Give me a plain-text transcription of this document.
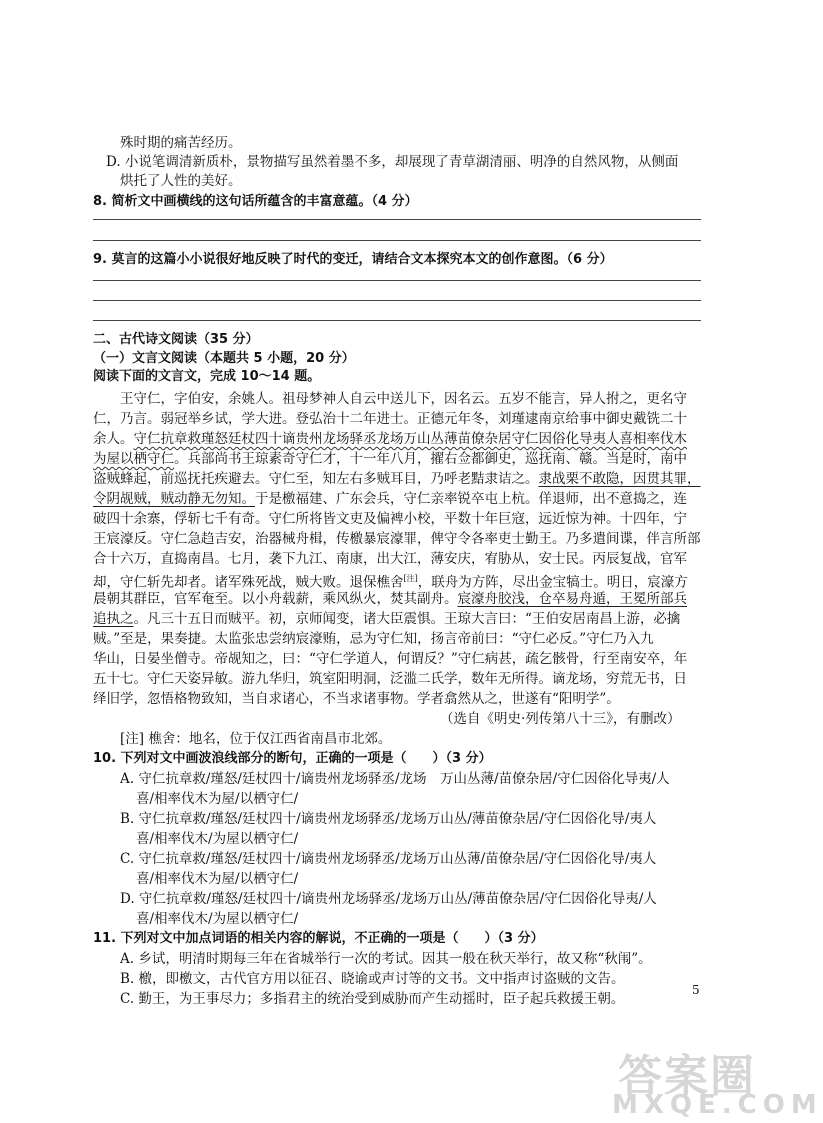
殊时期的痛苦经历。
D. 小说笔调清新质朴，景物描写虽然着墨不多，却展现了青草湖清丽、明净的自然风物，从侧面
烘托了人性的美好。
8. 简析文中画横线的这句话所蕴含的丰富意蕴。（4 分）
9. 莫言的这篇小小说很好地反映了时代的变迁，请结合文本探究本文的创作意图。（6 分）
二、古代诗文阅读（35 分）
（一）文言文阅读（本题共 5 小题，20 分）
阅读下面的文言文，完成 10～14 题。
王守仁，字伯安，余姚人。祖母梦神人自云中送儿下，因名云。五岁不能言，异人拊之，更名守
仁，乃言。弱冠举乡试，学大进。登弘治十二年进士。正德元年冬，刘瑾逮南京给事中御史戴铣二十
余人。守仁抗章救瑾怒廷杖四十谪贵州龙场驿丞龙场万山丛薄苗僚杂居守仁因俗化导夷人喜相率伐木
为屋以栖守仁。兵部尚书王琼素奇守仁才，十一年八月，擢右佥都御史，巡抚南、赣。当是时，南中
盗贼蜂起，前巡抚托疾避去。守仁至，知左右多贼耳目，乃呼老黠隶诘之。隶战栗不敢隐，因贯其罪，
令阴觇贼，贼动静无勿知。于是檄福建、广东会兵，守仁亲率锐卒屯上杭。佯退师，出不意捣之，连
破四十余寨，俘斩七千有奇。守仁所将皆文吏及偏裨小校，平数十年巨寇，远近惊为神。十四年，宁
王宸濠反。守仁急趋吉安，治器械舟楫，传檄暴宸濠罪，俾守令各率吏士勤王。乃多遣间谍，伴言所部
合十六万，直捣南昌。七月，袭下九江、南康，出大江，薄安庆，宥胁从，安士民。丙辰复战，官军
却，守仁斩先却者。诸军殊死战，贼大败。退保樵舍[注]，联舟为方阵，尽出金宝犒士。明日，宸濠方
晨朝其群臣，官军奄至。以小舟载薪，乘风纵火，焚其副舟。宸濠舟胶浅，仓卒易舟遁，王冕所部兵
追执之。凡三十五日而贼平。初，京师闻变，诸大臣震惧。王琼大言曰：“王伯安居南昌上游，必擒
贼。”至是，果奏捷。太监张忠尝纳宸濠贿，忌为守仁知，扬言帝前曰：“守仁必反。”守仁乃入九
华山，日晏坐僧寺。帝觇知之，曰：“守仁学道人，何谓反？”守仁病甚，疏乞骸骨，行至南安卒，年
五十七。守仁天姿异敏。游九华归，筑室阳明洞，泛滥二氏学，数年无所得。谪龙场，穷荒无书，日
绎旧学，忽悟格物致知，当自求诸心，不当求诸事物。学者翕然从之，世遂有“阳明学”。
（选自《明史·列传第八十三》，有删改）
[注] 樵舍：地名，位于仅江西省南昌市北郊。
10. 下列对文中画波浪线部分的断句，正确的一项是（　　）（3 分）
A. 守仁抗章救/瑾怒/廷杖四十/谪贵州龙场驿丞/龙场　万山丛薄/苗僚杂居/守仁因俗化导夷/人
喜/相率伐木为屋/以栖守仁/
B. 守仁抗章救/瑾怒/廷杖四十/谪贵州龙场驿丞/龙场万山丛/薄苗僚杂居/守仁因俗化导/夷人
喜/相率伐木/为屋以栖守仁/
C. 守仁抗章救/瑾怒/廷杖四十/谪贵州龙场驿丞/龙场万山丛薄/苗僚杂居/守仁因俗化导/夷人
喜/相率伐木为屋/以栖守仁/
D. 守仁抗章救/瑾怒/廷杖四十/谪贵州龙场驿丞/龙场万山丛/薄苗僚杂居/守仁因俗化导夷/人
喜/相率伐木/为屋以栖守仁/
11. 下列对文中加点词语的相关内容的解说，不正确的一项是（　　）（3 分）
A. 乡试，明清时期每三年在省城举行一次的考试。因其一般在秋天举行，故又称“秋闱”。
B. 檄，即檄文，古代官方用以征召、晓谕或声讨等的文书。文中指声讨盗贼的文告。
C. 勤王，为王事尽力；多指君主的统治受到威胁而产生动摇时，臣子起兵救援王朝。
5
答案圈
MXQE.COM
